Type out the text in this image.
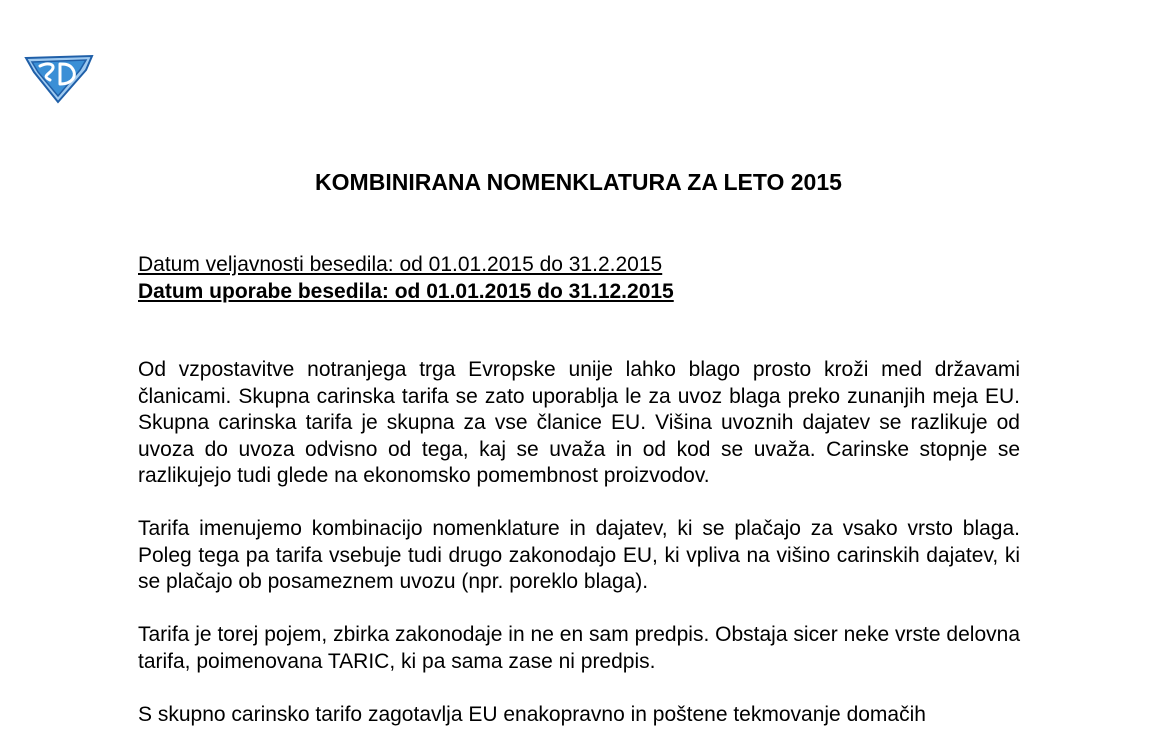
KOMBINIRANA NOMENKLATURA ZA LETO 2015
Datum veljavnosti besedila: od 01.01.2015 do 31.2.2015
Datum uporabe besedila: od 01.01.2015 do 31.12.2015

Od vzpostavitve notranjega trga Evropske unije lahko blago prosto kroži med državami članicami. Skupna carinska tarifa se zato uporablja le za uvoz blaga preko zunanjih meja EU. Skupna carinska tarifa je skupna za vse članice EU. Višina uvoznih dajatev se razlikuje od uvoza do uvoza odvisno od tega, kaj se uvaža in od kod se uvaža. Carinske stopnje se razlikujejo tudi glede na ekonomsko pomembnost proizvodov.

Tarifa imenujemo kombinacijo nomenklature in dajatev, ki se plačajo za vsako vrsto blaga. Poleg tega pa tarifa vsebuje tudi drugo zakonodajo EU, ki vpliva na višino carinskih dajatev, ki se plačajo ob posameznem uvozu (npr. poreklo blaga).

Tarifa je torej pojem, zbirka zakonodaje in ne en sam predpis. Obstaja sicer neke vrste delovna tarifa, poimenovana TARIC, ki pa sama zase ni predpis.

S skupno carinsko tarifo zagotavlja EU enakopravno in poštene tekmovanje domačih
